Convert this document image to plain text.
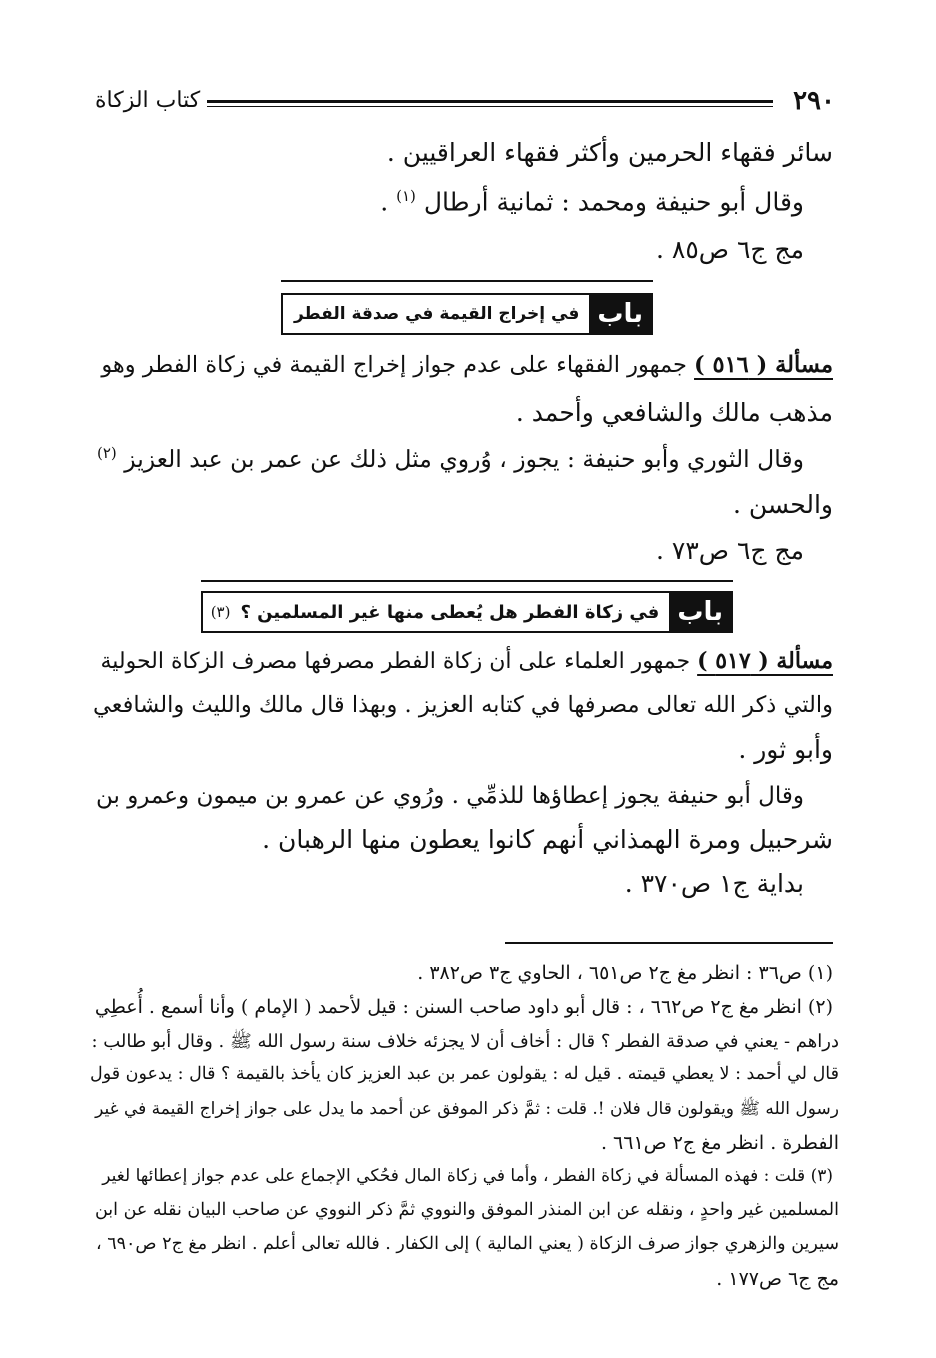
٢٩٠
كتاب الزكاة
سائر فقهاء الحرمين وأكثر فقهاء العراقيين .
وقال أبو حنيفة ومحمد : ثمانية أرطال $^{(١)}$ .
مج ج٦ ص٨٥ .
باب
في إخراج القيمة في صدقة الفطر
مسألة ( ٥١٦ ) جمهور الفقهاء على عدم جواز إخراج القيمة في زكاة الفطر وهو
مذهب مالك والشافعي وأحمد .
وقال الثوري وأبو حنيفة : يجوز ، وُروي مثل ذلك عن عمر بن عبد العزيز $^{(٢)}$
والحسن .
مج ج٦ ص٧٣ .
باب
في زكاة الفطر هل يُعطى منها غير المسلمين ؟
(٣)
مسألة ( ٥١٧ ) جمهور العلماء على أن زكاة الفطر مصرفها مصرف الزكاة الحولية
والتي ذكر الله تعالى مصرفها في كتابه العزيز . وبهذا قال مالك والليث والشافعي
وأبو ثور .
وقال أبو حنيفة يجوز إعطاؤها للذمِّي . ورُوي عن عمرو بن ميمون وعمرو بن
شرحبيل ومرة الهمذاني أنهم كانوا يعطون منها الرهبان .
بداية ج١ ص٣٧٠ .
(١) ص٣٦ : انظر مغ ج٢ ص٦٥١ ، الحاوي ج٣ ص٣٨٢ .
(٢) انظر مغ ج٢ ص٦٦٢ ، : قال أبو داود صاحب السنن : قيل لأحمد ( الإمام ) وأنا أسمع . أُعطِي
دراهم - يعني في صدقة الفطر ؟ قال : أخاف أن لا يجزئه خلاف سنة رسول الله ﷺ . وقال أبو طالب :
قال لي أحمد : لا يعطي قيمته . قيل له : يقولون عمر بن عبد العزيز كان يأخذ بالقيمة ؟ قال : يدعون قول
رسول الله ﷺ ويقولون قال فلان !. قلت : ثمَّ ذكر الموفق عن أحمد ما يدل على جواز إخراج القيمة في غير
الفطرة . انظر مغ ج٢ ص٦٦١ .
(٣) قلت : فهذه المسألة في زكاة الفطر ، وأما في زكاة المال فحُكي الإجماع على عدم جواز إعطائها لغير
المسلمين غير واحدٍ ، ونقله عن ابن المنذر الموفق والنووي ثمَّ ذكر النووي عن صاحب البيان نقله عن ابن
سيرين والزهري جواز صرف الزكاة ( يعني المالية ) إلى الكفار . فالله تعالى أعلم . انظر مغ ج٢ ص٦٩٠ ،
مج ج٦ ص١٧٧ .
